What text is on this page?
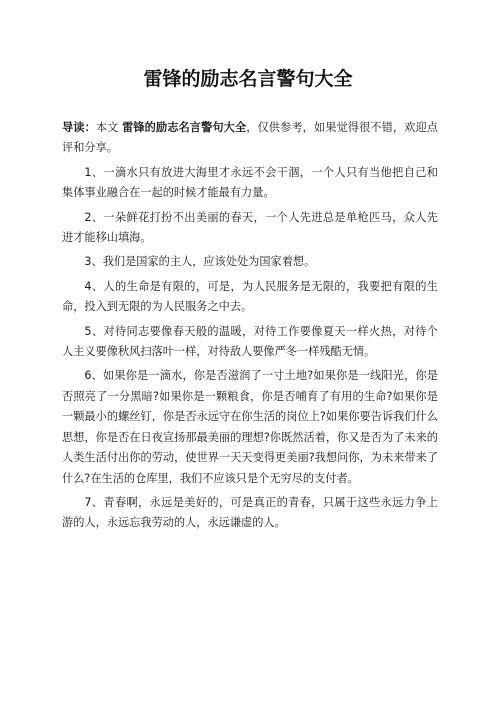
雷锋的励志名言警句大全

导读：本文 雷锋的励志名言警句大全，仅供参考，如果觉得很不错，欢迎点评和分享。

1、一滴水只有放进大海里才永远不会干涸，一个人只有当他把自己和集体事业融合在一起的时候才能最有力量。

2、一朵鲜花打扮不出美丽的春天，一个人先进总是单枪匹马，众人先进才能移山填海。

3、我们是国家的主人，应该处处为国家着想。

4、人的生命是有限的，可是，为人民服务是无限的，我要把有限的生命，投入到无限的为人民服务之中去。

5、对待同志要像春天般的温暖，对待工作要像夏天一样火热，对待个人主义要像秋风扫落叶一样，对待敌人要像严冬一样残酷无情。

6、如果你是一滴水，你是否滋润了一寸土地?如果你是一线阳光，你是否照亮了一分黑暗?如果你是一颗粮食，你是否哺育了有用的生命?如果你是一颗最小的螺丝钉，你是否永远守在你生活的岗位上?如果你要告诉我们什么思想，你是否在日夜宣扬那最美丽的理想?你既然活着，你又是否为了未来的人类生活付出你的劳动，使世界一天天变得更美丽?我想问你，为未来带来了什么?在生活的仓库里，我们不应该只是个无穷尽的支付者。

7、青春啊，永远是美好的，可是真正的青春，只属于这些永远力争上游的人，永远忘我劳动的人，永远谦虚的人。
